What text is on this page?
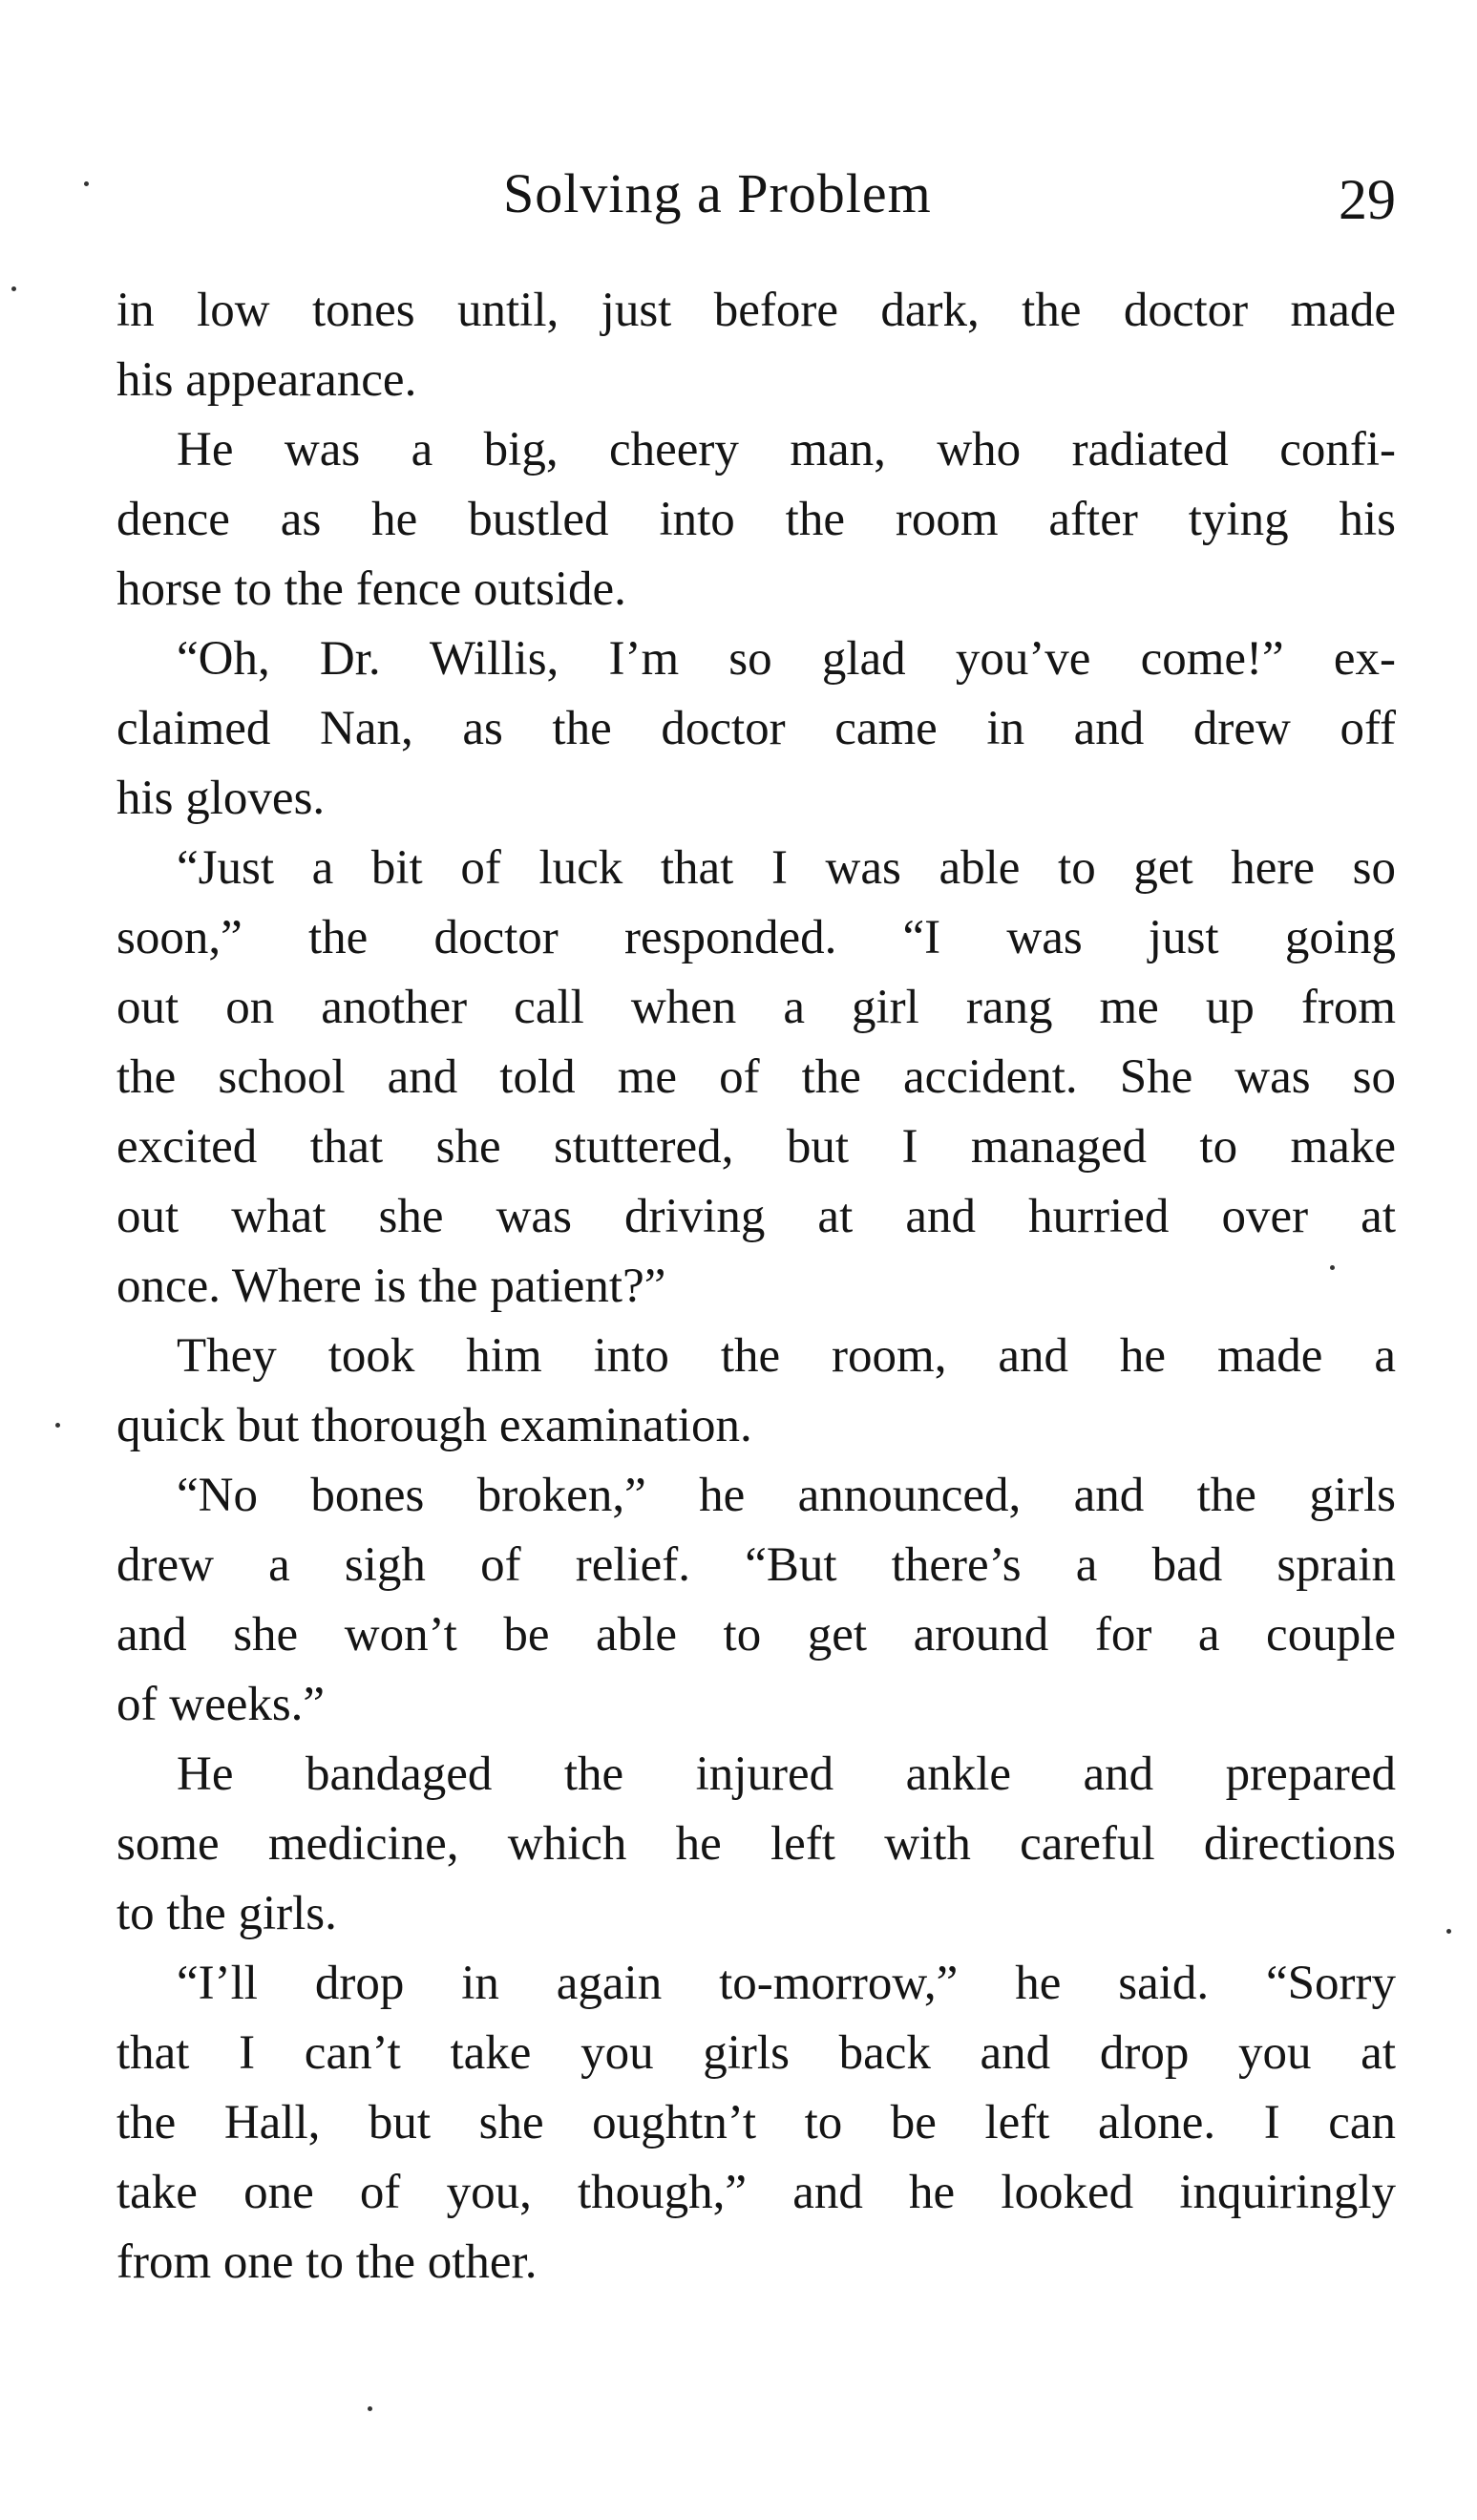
Solving a Problem	29
in low tones until, just before dark, the doctor made
his appearance.
He was a big, cheery man, who radiated confi-
dence as he bustled into the room after tying his
horse to the fence outside.
“Oh, Dr. Willis, I’m so glad you’ve come!” ex-
claimed Nan, as the doctor came in and drew off
his gloves.
“Just a bit of luck that I was able to get here so
soon,” the doctor responded. “I was just going
out on another call when a girl rang me up from
the school and told me of the accident. She was so
excited that she stuttered, but I managed to make
out what she was driving at and hurried over at
once. Where is the patient?”
They took him into the room, and he made a
quick but thorough examination.
“No bones broken,” he announced, and the girls
drew a sigh of relief. “But there’s a bad sprain
and she won’t be able to get around for a couple
of weeks.”
He bandaged the injured ankle and prepared
some medicine, which he left with careful directions
to the girls.
“I’ll drop in again to-morrow,” he said. “Sorry
that I can’t take you girls back and drop you at
the Hall, but she oughtn’t to be left alone. I can
take one of you, though,” and he looked inquiringly
from one to the other.
